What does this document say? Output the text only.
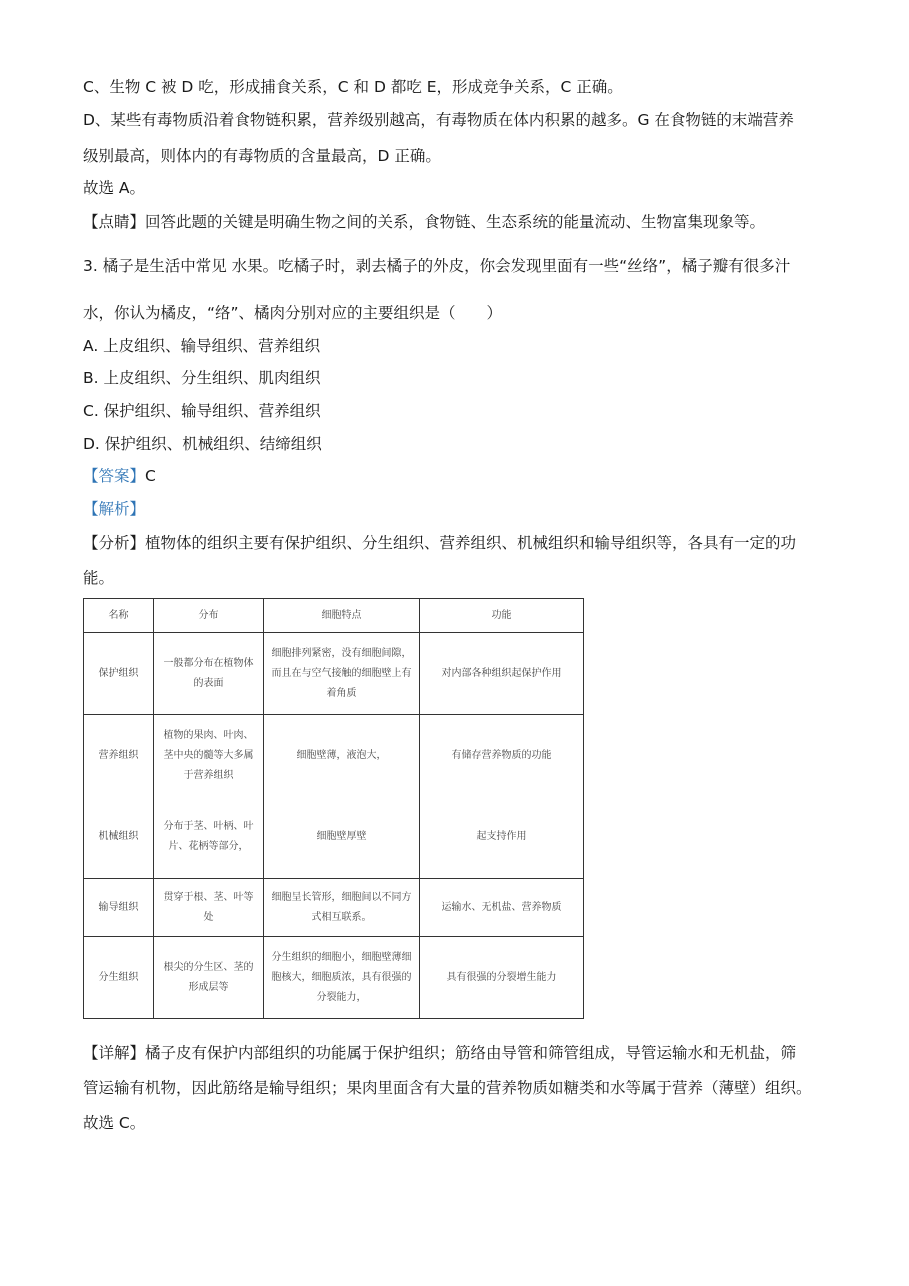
C、生物 C 被 D 吃，形成捕食关系，C 和 D 都吃 E，形成竞争关系，C 正确。
D、某些有毒物质沿着食物链积累，营养级别越高，有毒物质在体内积累的越多。G 在食物链的末端营养
级别最高，则体内的有毒物质的含量最高，D 正确。
故选 A。
【点睛】回答此题的关键是明确生物之间的关系，食物链、生态系统的能量流动、生物富集现象等。
3. 橘子是生活中常见 水果。吃橘子时，剥去橘子的外皮，你会发现里面有一些“丝络”，橘子瓣有很多汁
水，你认为橘皮，“络”、橘肉分别对应的主要组织是（　　）
A. 上皮组织、输导组织、营养组织
B. 上皮组织、分生组织、肌肉组织
C. 保护组织、输导组织、营养组织
D. 保护组织、机械组织、结缔组织
【答案】C
【解析】
【分析】植物体的组织主要有保护组织、分生组织、营养组织、机械组织和输导组织等，各具有一定的功
能。
名称	分布	细胞特点	功能
保护组织	一般都分布在植物体的表面	细胞排列紧密，没有细胞间隙，而且在与空气接触的细胞壁上有着角质	对内部各种组织起保护作用
营养组织	植物的果肉、叶肉、茎中央的髓等大多属于营养组织	细胞壁薄，液泡大，	有储存营养物质的功能
机械组织	分布于茎、叶柄、叶片、花柄等部分，	细胞壁厚壁	起支持作用
输导组织	贯穿于根、茎、叶等处	细胞呈长管形，细胞间以不同方式相互联系。	运输水、无机盐、营养物质
分生组织	根尖的分生区、茎的形成层等	分生组织的细胞小，细胞壁薄细胞核大，细胞质浓，具有很强的分裂能力，	具有很强的分裂增生能力
【详解】橘子皮有保护内部组织的功能属于保护组织；筋络由导管和筛管组成，导管运输水和无机盐，筛
管运输有机物，因此筋络是输导组织；果肉里面含有大量的营养物质如糖类和水等属于营养（薄壁）组织。
故选 C。
